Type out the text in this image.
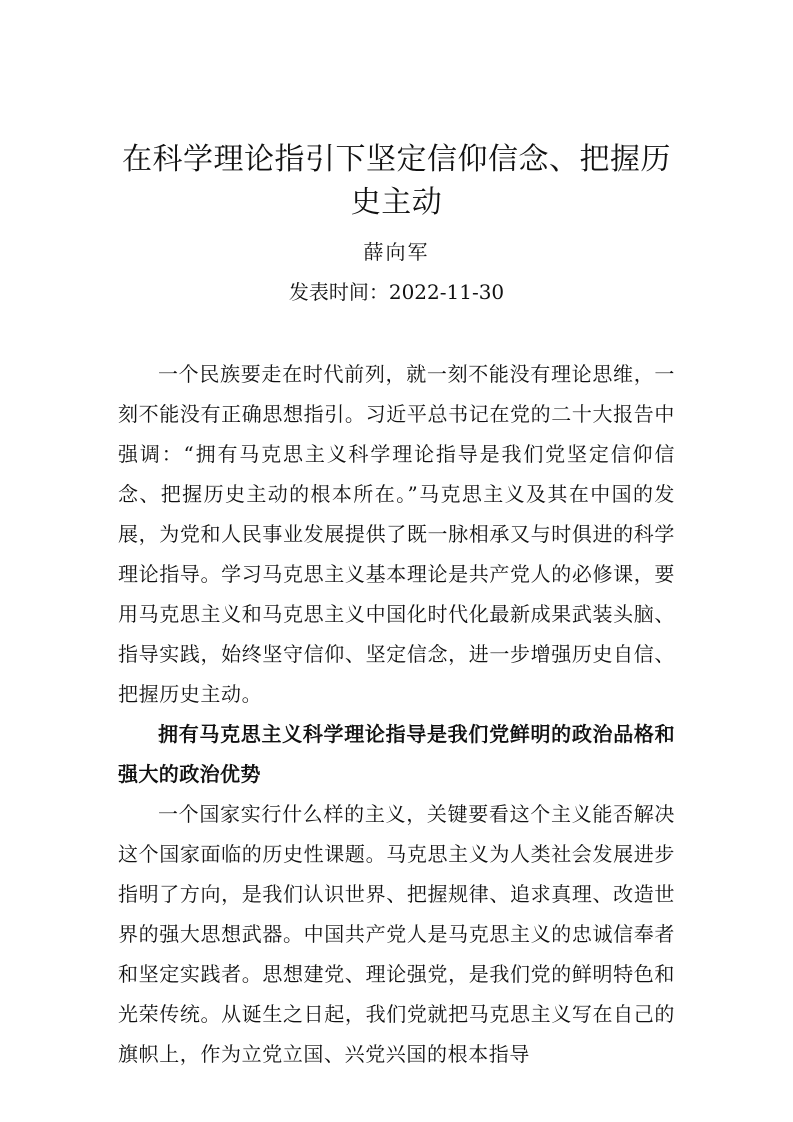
在科学理论指引下坚定信仰信念、把握历史主动
薛向军
发表时间：2022-11-30

一个民族要走在时代前列，就一刻不能没有理论思维，一刻不能没有正确思想指引。习近平总书记在党的二十大报告中强调：“拥有马克思主义科学理论指导是我们党坚定信仰信念、把握历史主动的根本所在。”马克思主义及其在中国的发展，为党和人民事业发展提供了既一脉相承又与时俱进的科学理论指导。学习马克思主义基本理论是共产党人的必修课，要用马克思主义和马克思主义中国化时代化最新成果武装头脑、指导实践，始终坚守信仰、坚定信念，进一步增强历史自信、把握历史主动。

拥有马克思主义科学理论指导是我们党鲜明的政治品格和强大的政治优势

一个国家实行什么样的主义，关键要看这个主义能否解决这个国家面临的历史性课题。马克思主义为人类社会发展进步指明了方向，是我们认识世界、把握规律、追求真理、改造世界的强大思想武器。中国共产党人是马克思主义的忠诚信奉者和坚定实践者。思想建党、理论强党，是我们党的鲜明特色和光荣传统。从诞生之日起，我们党就把马克思主义写在自己的旗帜上，作为立党立国、兴党兴国的根本指导
